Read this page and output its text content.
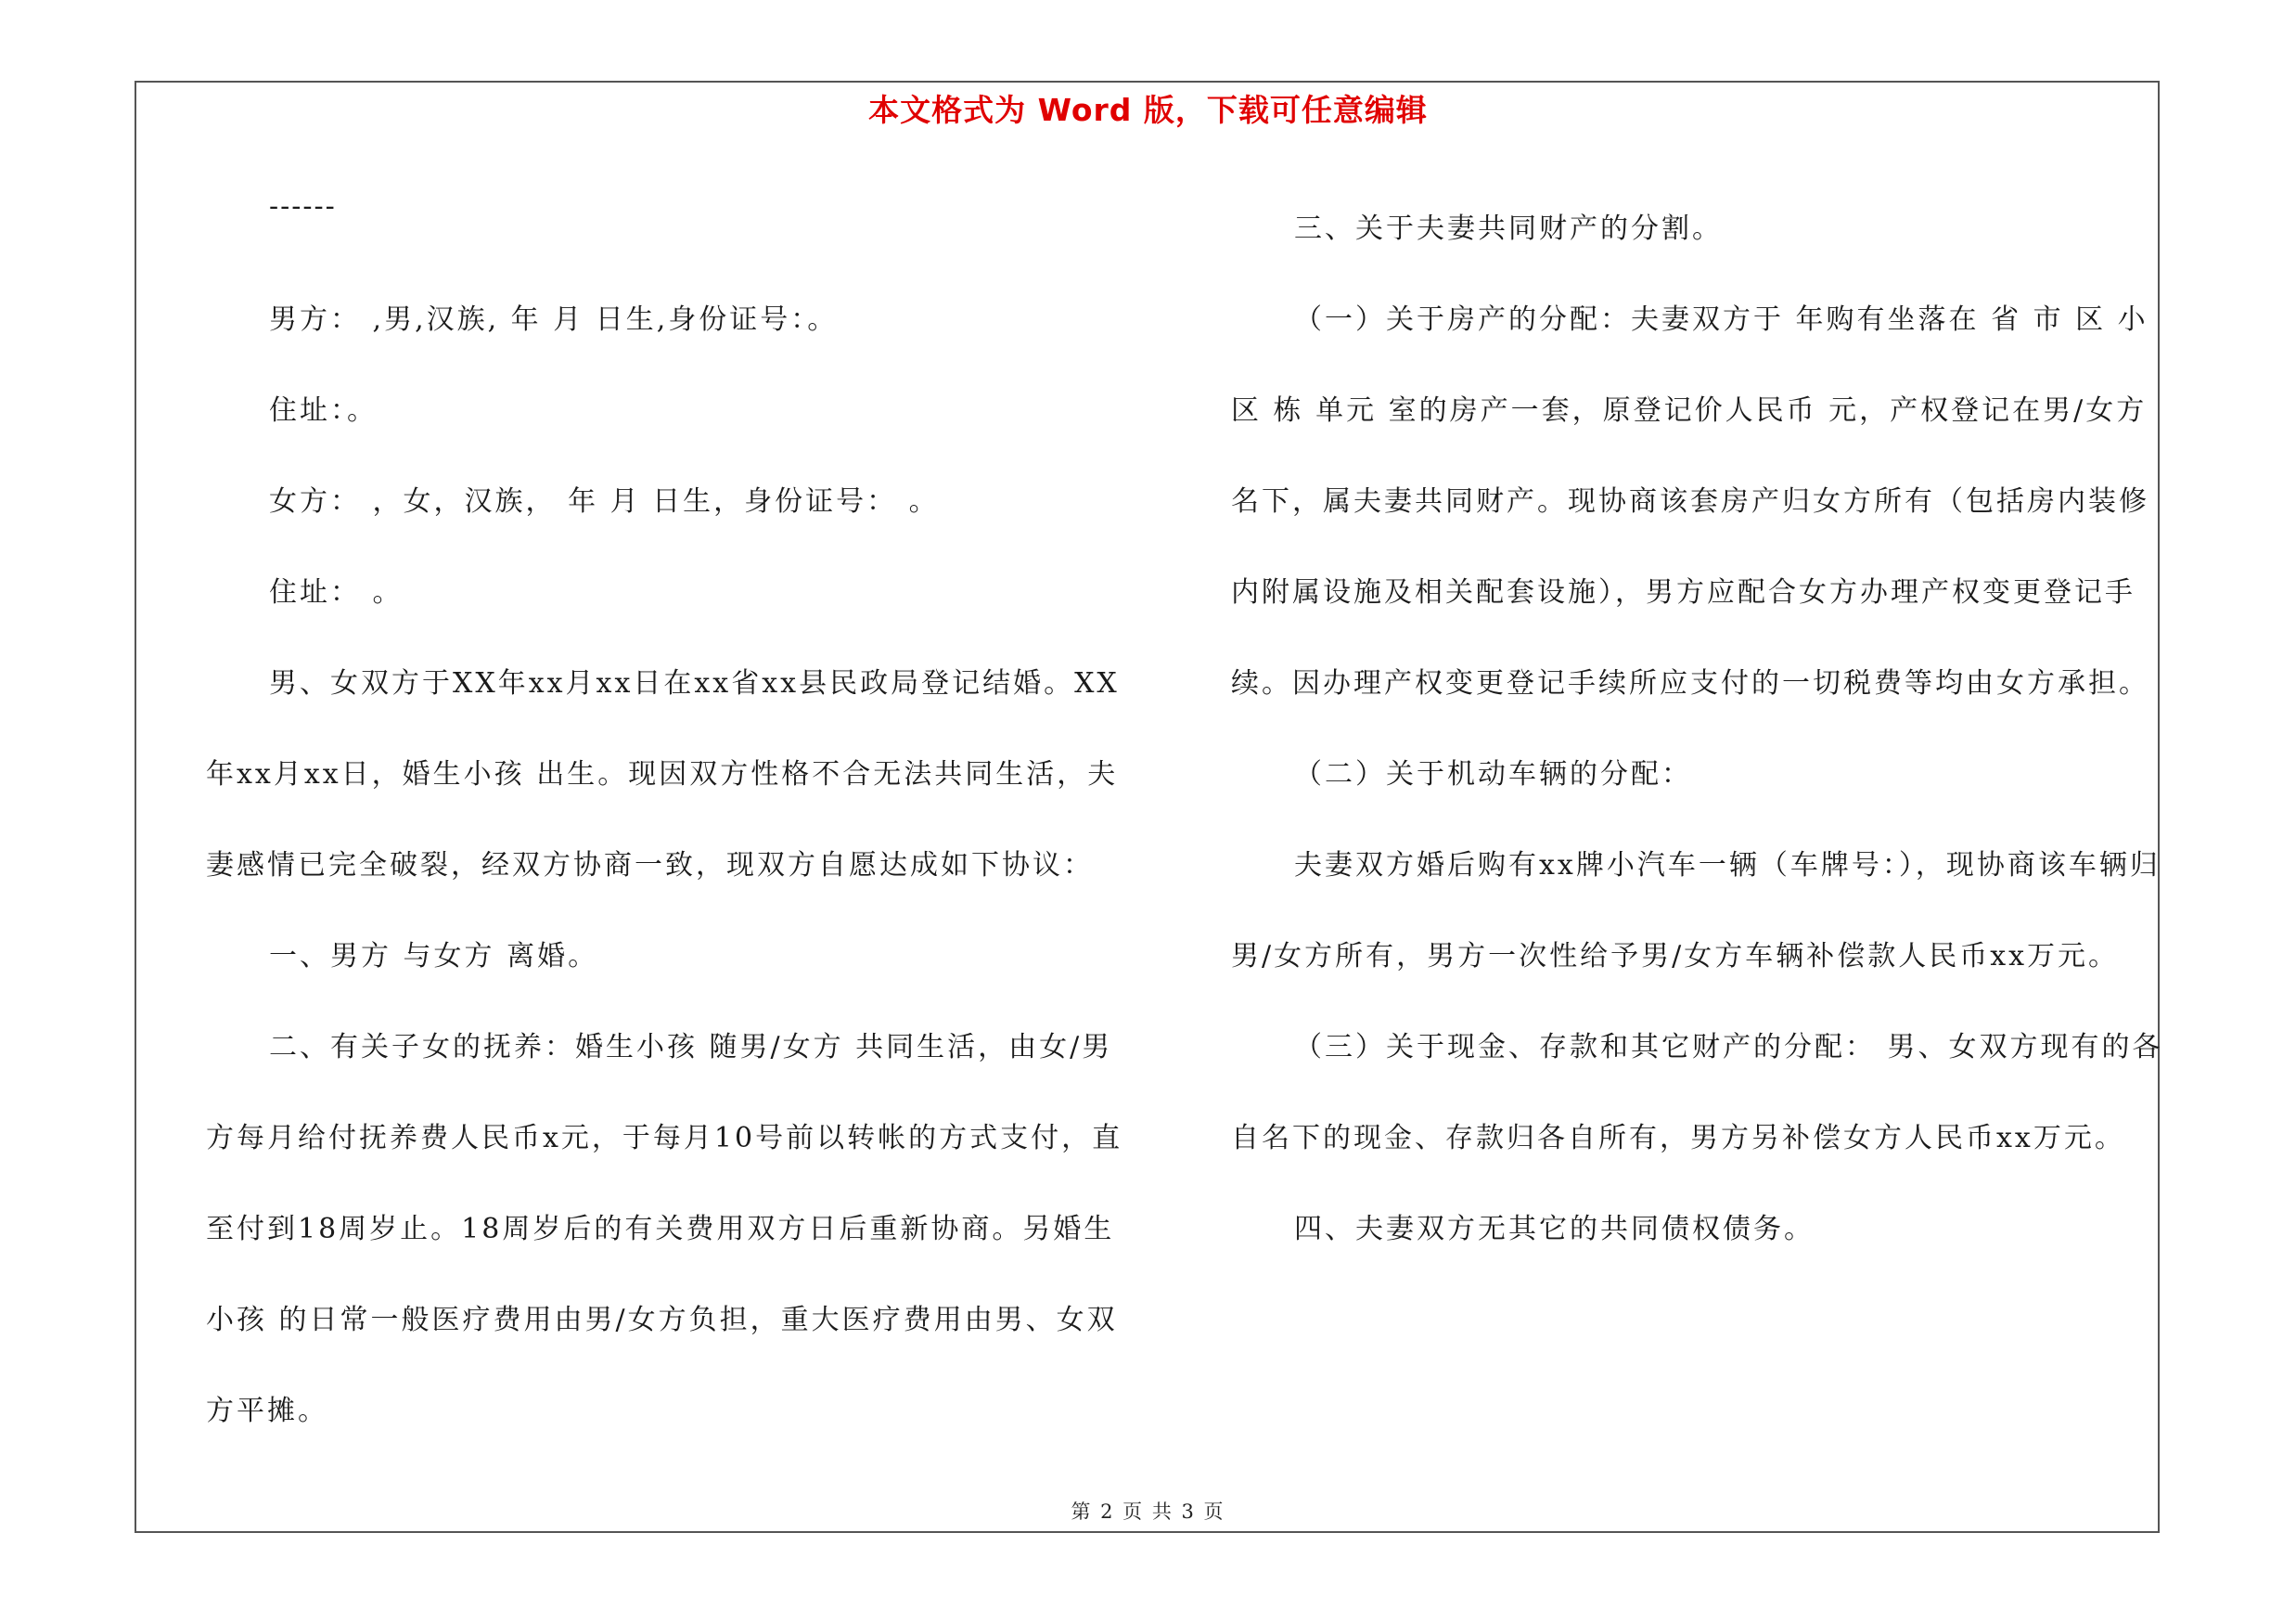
本文格式为 Word 版，下载可任意编辑

------

男方： ,男,汉族, 年 月 日生,身份证号：。

住址：。

女方： ，女，汉族， 年 月 日生，身份证号： 。

住址： 。

男、女双方于XX年xx月xx日在xx省xx县民政局登记结婚。XX年xx月xx日，婚生小孩 出生。现因双方性格不合无法共同生活，夫妻感情已完全破裂，经双方协商一致，现双方自愿达成如下协议：

一、男方 与女方 离婚。

二、有关子女的抚养：婚生小孩 随男/女方 共同生活，由女/男方每月给付抚养费人民币x元，于每月10号前以转帐的方式支付，直至付到18周岁止。18周岁后的有关费用双方日后重新协商。另婚生小孩 的日常一般医疗费用由男/女方负担，重大医疗费用由男、女双方平摊。

三、关于夫妻共同财产的分割。

（一）关于房产的分配：夫妻双方于 年购有坐落在 省 市 区 小区 栋 单元 室的房产一套，原登记价人民币 元，产权登记在男/女方名下，属夫妻共同财产。现协商该套房产归女方所有（包括房内装修内附属设施及相关配套设施），男方应配合女方办理产权变更登记手续。因办理产权变更登记手续所应支付的一切税费等均由女方承担。

（二）关于机动车辆的分配：

夫妻双方婚后购有xx牌小汽车一辆（车牌号：），现协商该车辆归男/女方所有，男方一次性给予男/女方车辆补偿款人民币xx万元。

（三）关于现金、存款和其它财产的分配： 男、女双方现有的各自名下的现金、存款归各自所有，男方另补偿女方人民币xx万元。

四、夫妻双方无其它的共同债权债务。

第 2 页 共 3 页
